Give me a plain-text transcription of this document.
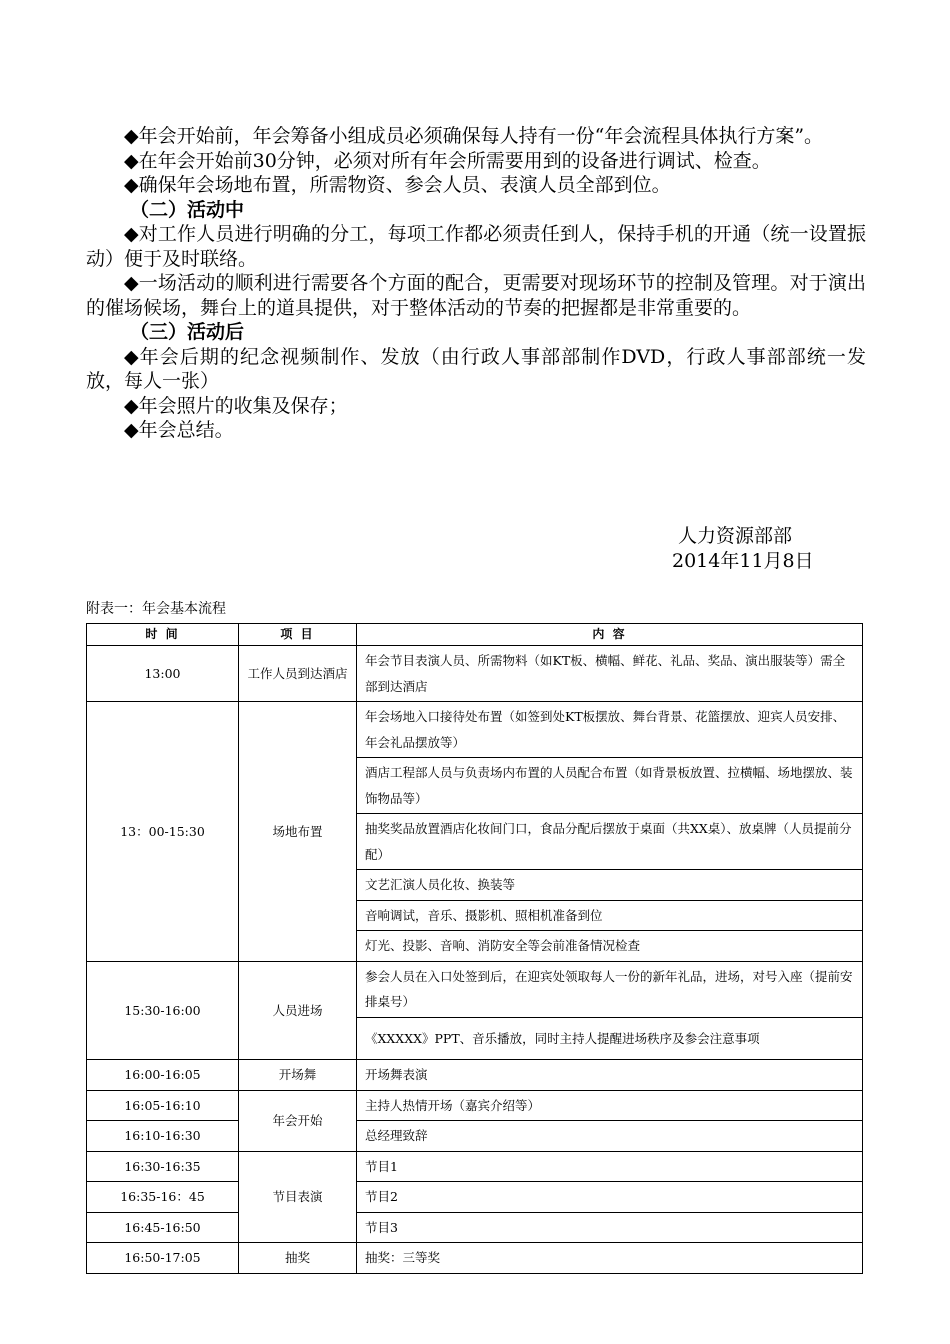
◆年会开始前，年会筹备小组成员必须确保每人持有一份“年会流程具体执行方案”。

◆在年会开始前30分钟，必须对所有年会所需要用到的设备进行调试、检查。

◆确保年会场地布置，所需物资、参会人员、表演人员全部到位。

（二）活动中

◆对工作人员进行明确的分工，每项工作都必须责任到人，保持手机的开通（统一设置振动）便于及时联络。

◆一场活动的顺利进行需要各个方面的配合，更需要对现场环节的控制及管理。对于演出的催场候场，舞台上的道具提供，对于整体活动的节奏的把握都是非常重要的。

（三）活动后

◆年会后期的纪念视频制作、发放（由行政人事部部制作DVD，行政人事部部统一发放，每人一张）

◆年会照片的收集及保存；

◆年会总结。

人力资源部部
2014年11月8日
附表一：年会基本流程
时 间	项 目	内 容
13:00	工作人员到达酒店	年会节目表演人员、所需物料（如KT板、横幅、鲜花、礼品、奖品、演出服装等）需全部到达酒店
13：00-15:30	场地布置	年会场地入口接待处布置（如签到处KT板摆放、舞台背景、花篮摆放、迎宾人员安排、年会礼品摆放等）
		酒店工程部人员与负责场内布置的人员配合布置（如背景板放置、拉横幅、场地摆放、装饰物品等）
		抽奖奖品放置酒店化妆间门口，食品分配后摆放于桌面（共XX桌）、放桌牌（人员提前分配）
		文艺汇演人员化妆、换装等
		音响调试，音乐、摄影机、照相机准备到位
		灯光、投影、音响、消防安全等会前准备情况检查
15:30-16:00	人员进场	参会人员在入口处签到后，在迎宾处领取每人一份的新年礼品，进场，对号入座（提前安排桌号）
		《XXXXX》PPT、音乐播放，同时主持人提醒进场秩序及参会注意事项
16:00-16:05	开场舞	开场舞表演
16:05-16:10	年会开始	主持人热情开场（嘉宾介绍等）
16:10-16:30		总经理致辞
16:30-16:35	节目表演	节目1
16:35-16：45		节目2
16:45-16:50		节目3
16:50-17:05	抽奖	抽奖：三等奖
